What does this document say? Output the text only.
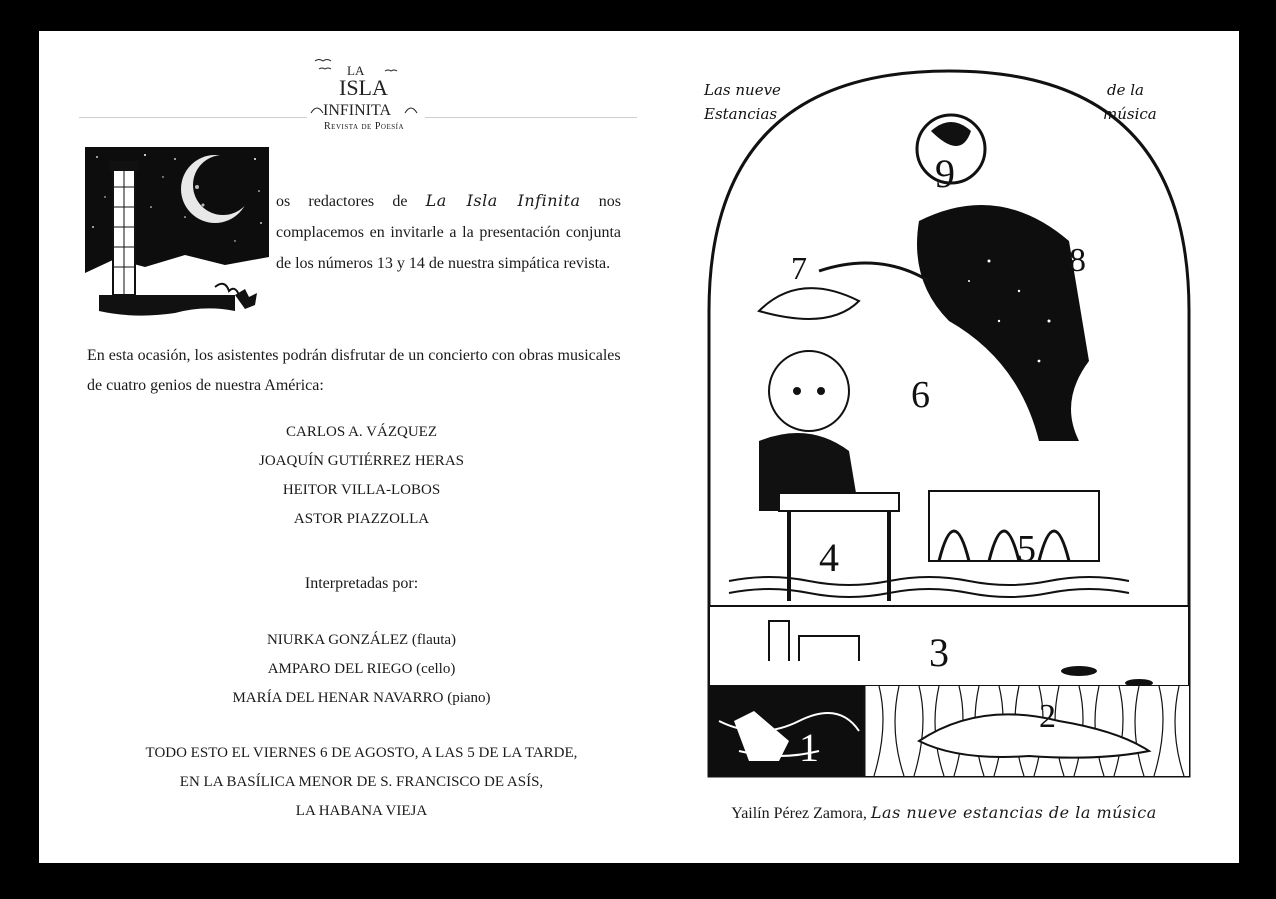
LA
ISLA
INFINITA
Revista de Poesía
os redactores de La Isla Infinita nos complacemos en invitarle a la presentación conjunta de los números 13 y 14 de nuestra simpática revista.
En esta ocasión, los asistentes podrán disfrutar de un concierto con obras musicales de cuatro genios de nuestra América:
CARLOS A. VÁZQUEZ
JOAQUÍN GUTIÉRREZ HERAS
HEITOR VILLA-LOBOS
ASTOR PIAZZOLLA
Interpretadas por:
NIURKA GONZÁLEZ (flauta)
AMPARO DEL RIEGO (cello)
MARÍA DEL HENAR NAVARRO (piano)
TODO ESTO EL VIERNES 6 DE AGOSTO, A LAS 5 DE LA TARDE,
EN LA BASÍLICA MENOR DE S. FRANCISCO DE ASÍS,
LA HABANA VIEJA
Las nueve
Estancias
de la
música
9
8
7
6
4	5
3
1
2
Yailín Pérez Zamora, Las nueve estancias de la música
